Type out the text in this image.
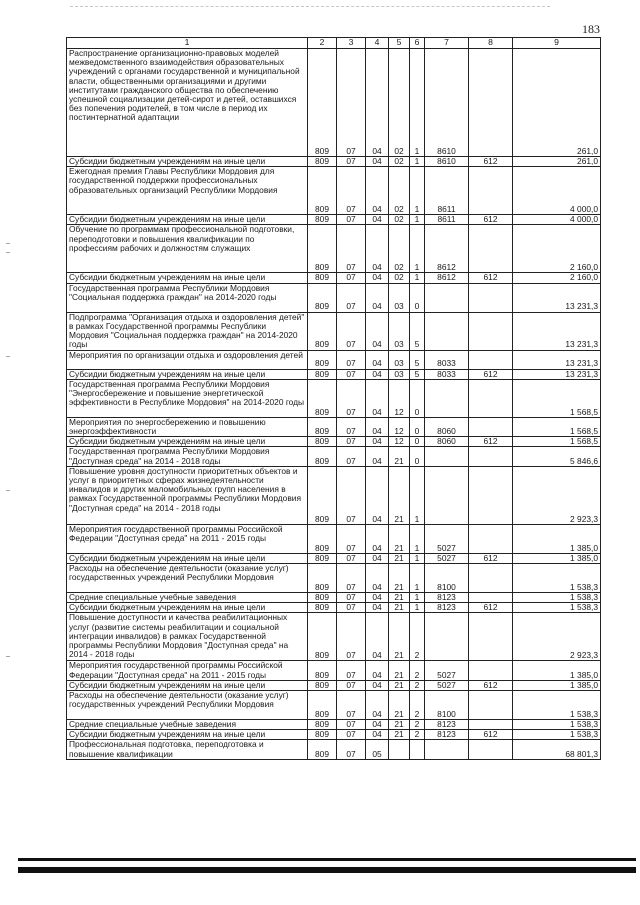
183
1	2	3	4	5	6	7	8	9
Распространение организационно-правовых моделей межведомственного взаимодействия образовательных учреждений с органами государственной и муниципальной власти, общественными организациями и другими институтами гражданского общества по обеспечению успешной социализации детей-сирот и детей, оставшихся без попечения родителей, в том числе в период их постинтернатной адаптации	809	07	04	02	1	8610		261,0
Субсидии бюджетным учреждениям на иные цели	809	07	04	02	1	8610	612	261,0
Ежегодная премия Главы Республики Мордовия для государственной поддержки профессиональных образовательных организаций Республики Мордовия	809	07	04	02	1	8611		4 000,0
Субсидии бюджетным учреждениям на иные цели	809	07	04	02	1	8611	612	4 000,0
Обучение по программам профессиональной подготовки, переподготовки и повышения квалификации по профессиям рабочих и должностям служащих	809	07	04	02	1	8612		2 160,0
Субсидии бюджетным учреждениям на иные цели	809	07	04	02	1	8612	612	2 160,0
Государственная программа Республики Мордовия "Социальная поддержка граждан" на 2014-2020 годы	809	07	04	03	0			13 231,3
Подпрограмма "Организация отдыха и оздоровления детей" в рамках Государственной программы Республики Мордовия "Социальная поддержка граждан" на 2014-2020 годы	809	07	04	03	5			13 231,3
Мероприятия по организации отдыха и оздоровления детей	809	07	04	03	5	8033		13 231,3
Субсидии бюджетным учреждениям на иные цели	809	07	04	03	5	8033	612	13 231,3
Государственная программа Республики Мордовия "Энергосбережение и повышение энергетической эффективности в Республике Мордовия" на 2014-2020 годы	809	07	04	12	0			1 568,5
Мероприятия по энергосбережению и повышению энергоэффективности	809	07	04	12	0	8060		1 568,5
Субсидии бюджетным учреждениям на иные цели	809	07	04	12	0	8060	612	1 568,5
Государственная программа Республики Мордовия "Доступная среда" на 2014 - 2018 годы	809	07	04	21	0			5 846,6
Повышение уровня доступности приоритетных объектов и услуг в приоритетных сферах жизнедеятельности инвалидов и других маломобильных групп населения в рамках Государственной программы Республики Мордовия "Доступная среда" на 2014 - 2018 годы	809	07	04	21	1			2 923,3
Мероприятия государственной программы Российской Федерации "Доступная среда" на 2011 - 2015 годы	809	07	04	21	1	5027		1 385,0
Субсидии бюджетным учреждениям на иные цели	809	07	04	21	1	5027	612	1 385,0
Расходы на обеспечение деятельности (оказание услуг) государственных учреждений Республики Мордовия	809	07	04	21	1	8100		1 538,3
Средние специальные учебные заведения	809	07	04	21	1	8123		1 538,3
Субсидии бюджетным учреждениям на иные цели	809	07	04	21	1	8123	612	1 538,3
Повышение доступности и качества реабилитационных услуг (развитие системы реабилитации и социальной интеграции инвалидов) в рамках Государственной программы Республики Мордовия "Доступная среда" на 2014 - 2018 годы	809	07	04	21	2			2 923,3
Мероприятия государственной программы Российской Федерации "Доступная среда" на 2011 - 2015 годы	809	07	04	21	2	5027		1 385,0
Субсидии бюджетным учреждениям на иные цели	809	07	04	21	2	5027	612	1 385,0
Расходы на обеспечение деятельности (оказание услуг) государственных учреждений Республики Мордовия	809	07	04	21	2	8100		1 538,3
Средние специальные учебные заведения	809	07	04	21	2	8123		1 538,3
Субсидии бюджетным учреждениям на иные цели	809	07	04	21	2	8123	612	1 538,3
Профессиональная подготовка, переподготовка и повышение квалификации	809	07	05					68 801,3
